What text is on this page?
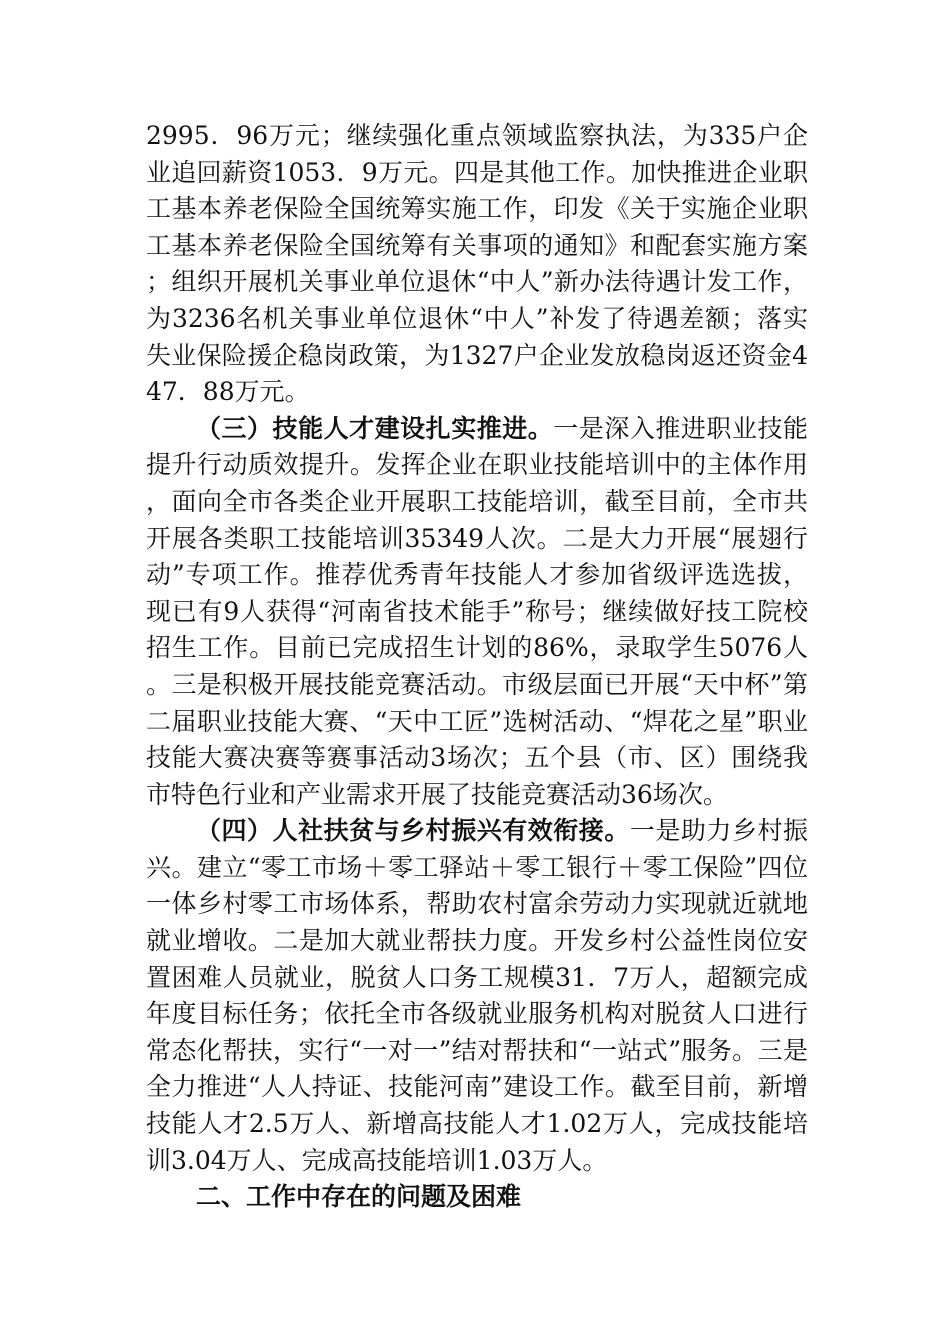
2995．96万元；继续强化重点领域监察执法，为335户企业追回薪资1053．9万元。四是其他工作。加快推进企业职工基本养老保险全国统筹实施工作，印发《关于实施企业职工基本养老保险全国统筹有关事项的通知》和配套实施方案；组织开展机关事业单位退休“中人”新办法待遇计发工作，为3236名机关事业单位退休“中人”补发了待遇差额；落实失业保险援企稳岗政策，为1327户企业发放稳岗返还资金447．88万元。

（三）技能人才建设扎实推进。一是深入推进职业技能提升行动质效提升。发挥企业在职业技能培训中的主体作用，面向全市各类企业开展职工技能培训，截至目前，全市共开展各类职工技能培训35349人次。二是大力开展“展翅行动”专项工作。推荐优秀青年技能人才参加省级评选选拔，现已有9人获得“河南省技术能手”称号；继续做好技工院校招生工作。目前已完成招生计划的86%，录取学生5076人。三是积极开展技能竞赛活动。市级层面已开展“天中杯”第二届职业技能大赛、“天中工匠”选树活动、“焊花之星”职业技能大赛决赛等赛事活动3场次；五个县（市、区）围绕我市特色行业和产业需求开展了技能竞赛活动36场次。

（四）人社扶贫与乡村振兴有效衔接。一是助力乡村振兴。建立“零工市场＋零工驿站＋零工银行＋零工保险”四位一体乡村零工市场体系，帮助农村富余劳动力实现就近就地就业增收。二是加大就业帮扶力度。开发乡村公益性岗位安置困难人员就业，脱贫人口务工规模31．7万人，超额完成年度目标任务；依托全市各级就业服务机构对脱贫人口进行常态化帮扶，实行“一对一”结对帮扶和“一站式”服务。三是全力推进“人人持证、技能河南”建设工作。截至目前，新增技能人才2.5万人、新增高技能人才1.02万人，完成技能培训3.04万人、完成高技能培训1.03万人。

二、工作中存在的问题及困难
